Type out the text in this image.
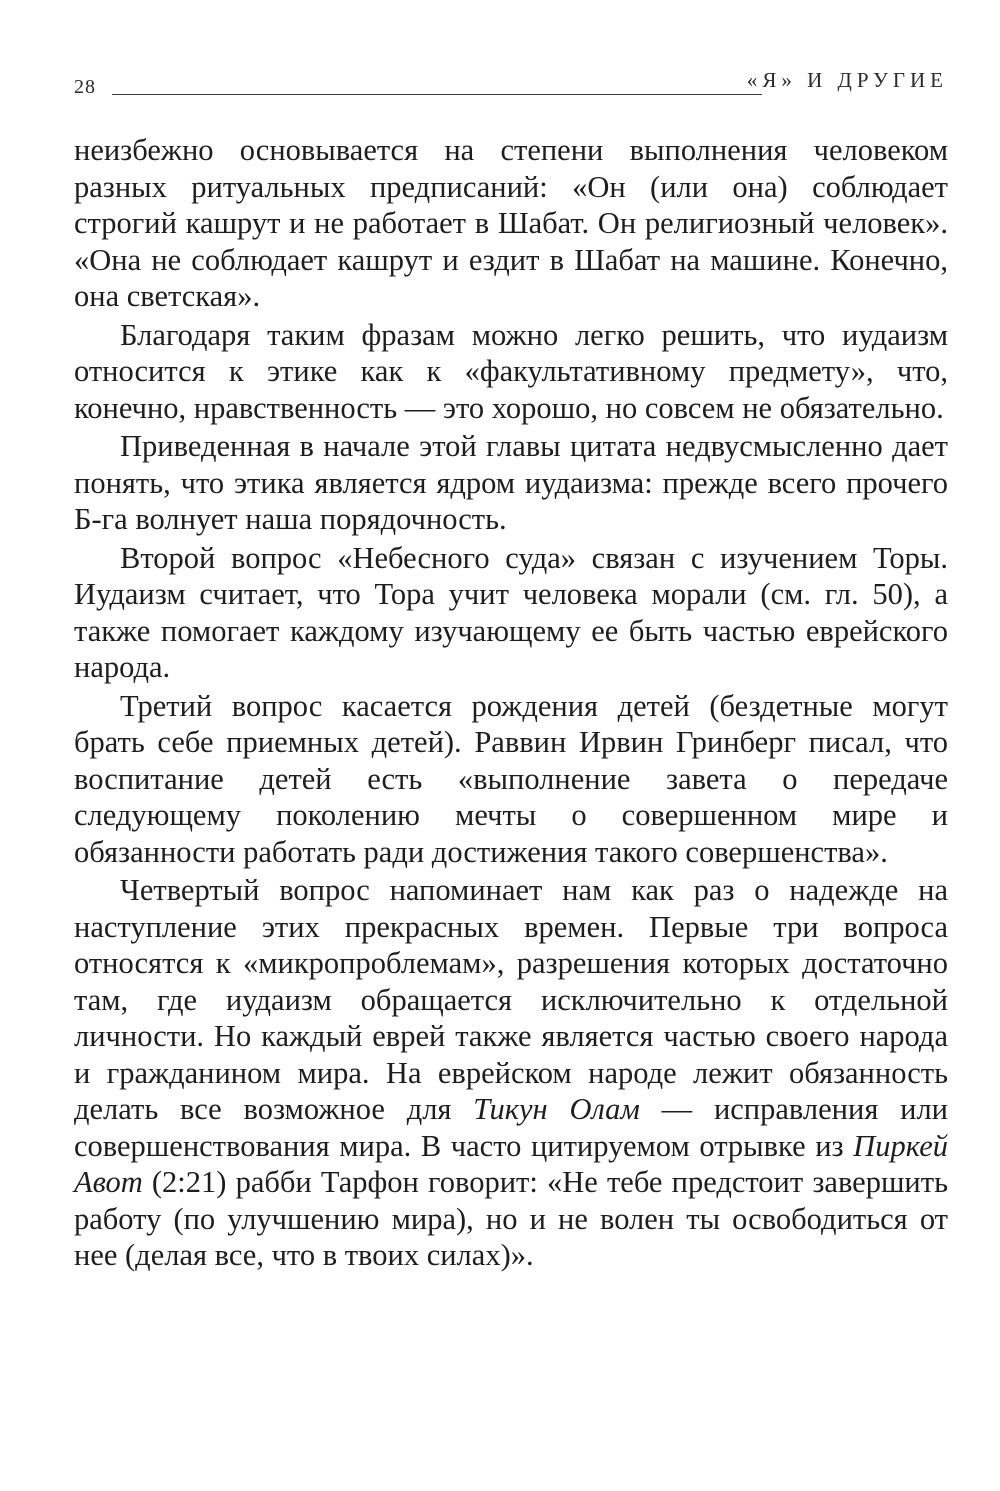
28	«Я» И ДРУГИЕ

неизбежно основывается на степени выполнения человеком разных ритуальных предписаний: «Он (или она) соблюдает строгий кашрут и не работает в Шабат. Он религиозный человек». «Она не соблюдает кашрут и ездит в Шабат на машине. Конечно, она светская».

Благодаря таким фразам можно легко решить, что иудаизм относится к этике как к «факультативному предмету», что, конечно, нравственность — это хорошо, но совсем не обязательно.

Приведенная в начале этой главы цитата недвусмысленно дает понять, что этика является ядром иудаизма: прежде всего прочего Б-га волнует наша порядочность.

Второй вопрос «Небесного суда» связан с изучением Торы. Иудаизм считает, что Тора учит человека морали (см. гл. 50), а также помогает каждому изучающему ее быть частью еврейского народа.

Третий вопрос касается рождения детей (бездетные могут брать себе приемных детей). Раввин Ирвин Гринберг писал, что воспитание детей есть «выполнение завета о передаче следующему поколению мечты о совершенном мире и обязанности работать ради достижения такого совершенства».

Четвертый вопрос напоминает нам как раз о надежде на наступление этих прекрасных времен. Первые три вопроса относятся к «микропроблемам», разрешения которых достаточно там, где иудаизм обращается исключительно к отдельной личности. Но каждый еврей также является частью своего народа и гражданином мира. На еврейском народе лежит обязанность делать все возможное для Тикун Олам — исправления или совершенствования мира. В часто цитируемом отрывке из Пиркей Авот (2:21) рабби Тарфон говорит: «Не тебе предстоит завершить работу (по улучшению мира), но и не волен ты освободиться от нее (делая все, что в твоих силах)».
